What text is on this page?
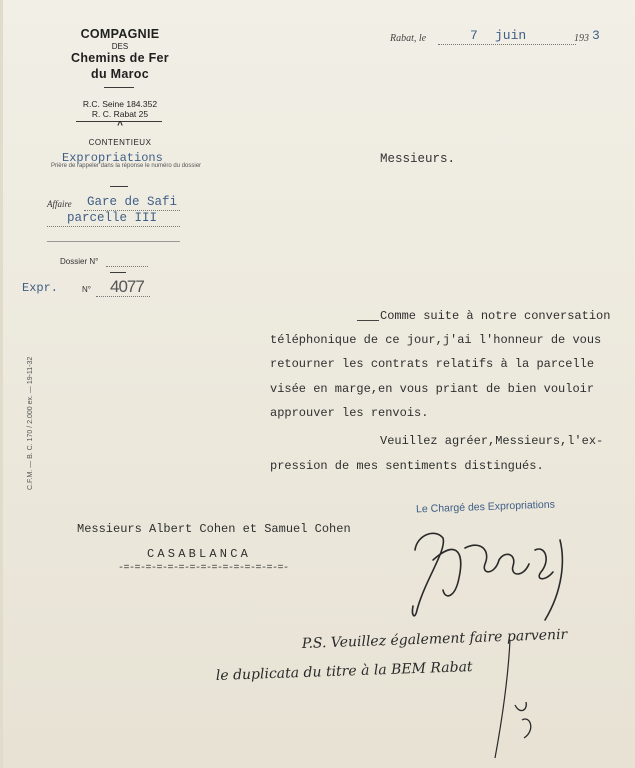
COMPAGNIE
DES
Chemins de Fer
du Maroc
R.C. Seine 184.352
R. C. Rabat 25
^
CONTENTIEUX
Expropriations
Prière de rappeler dans la réponse le numéro du dossier
Affaire Gare de Safi
parcelle III
Dossier N°
Expr.	N° 4077
Rabat, le	7 juin	193 3
Messieurs.

Comme suite à notre conversation

téléphonique de ce jour,j'ai l'honneur de vous

retourner les contrats relatifs à la parcelle

visée en marge,en vous priant de bien vouloir

approuver les renvois.

Veuillez agréer,Messieurs,l'ex-

pression de mes sentiments distingués.

Le Chargé des Expropriations
Messieurs Albert Cohen et Samuel Cohen
CASABLANCA
-=-=-=-=-=-=-=-=-=-=-=-=-=-=-=-
P.S. Veuillez également faire parvenir
le duplicata du titre à la BEM Rabat
C.F.M. — B. C. 170 / 2.000 ex. — 19-11-32
